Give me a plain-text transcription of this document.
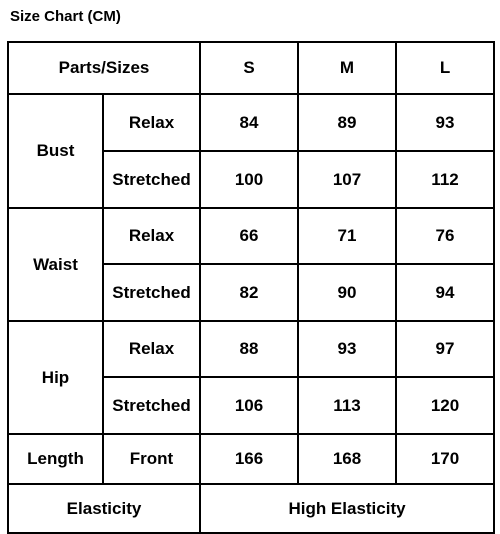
Size Chart (CM)
Parts/Sizes		S	M	L
Bust	Relax	84	89	93
	Stretched	100	107	112
Waist	Relax	66	71	76
	Stretched	82	90	94
Hip	Relax	88	93	97
	Stretched	106	113	120
Length	Front	166	168	170
Elasticity		High Elasticity		
